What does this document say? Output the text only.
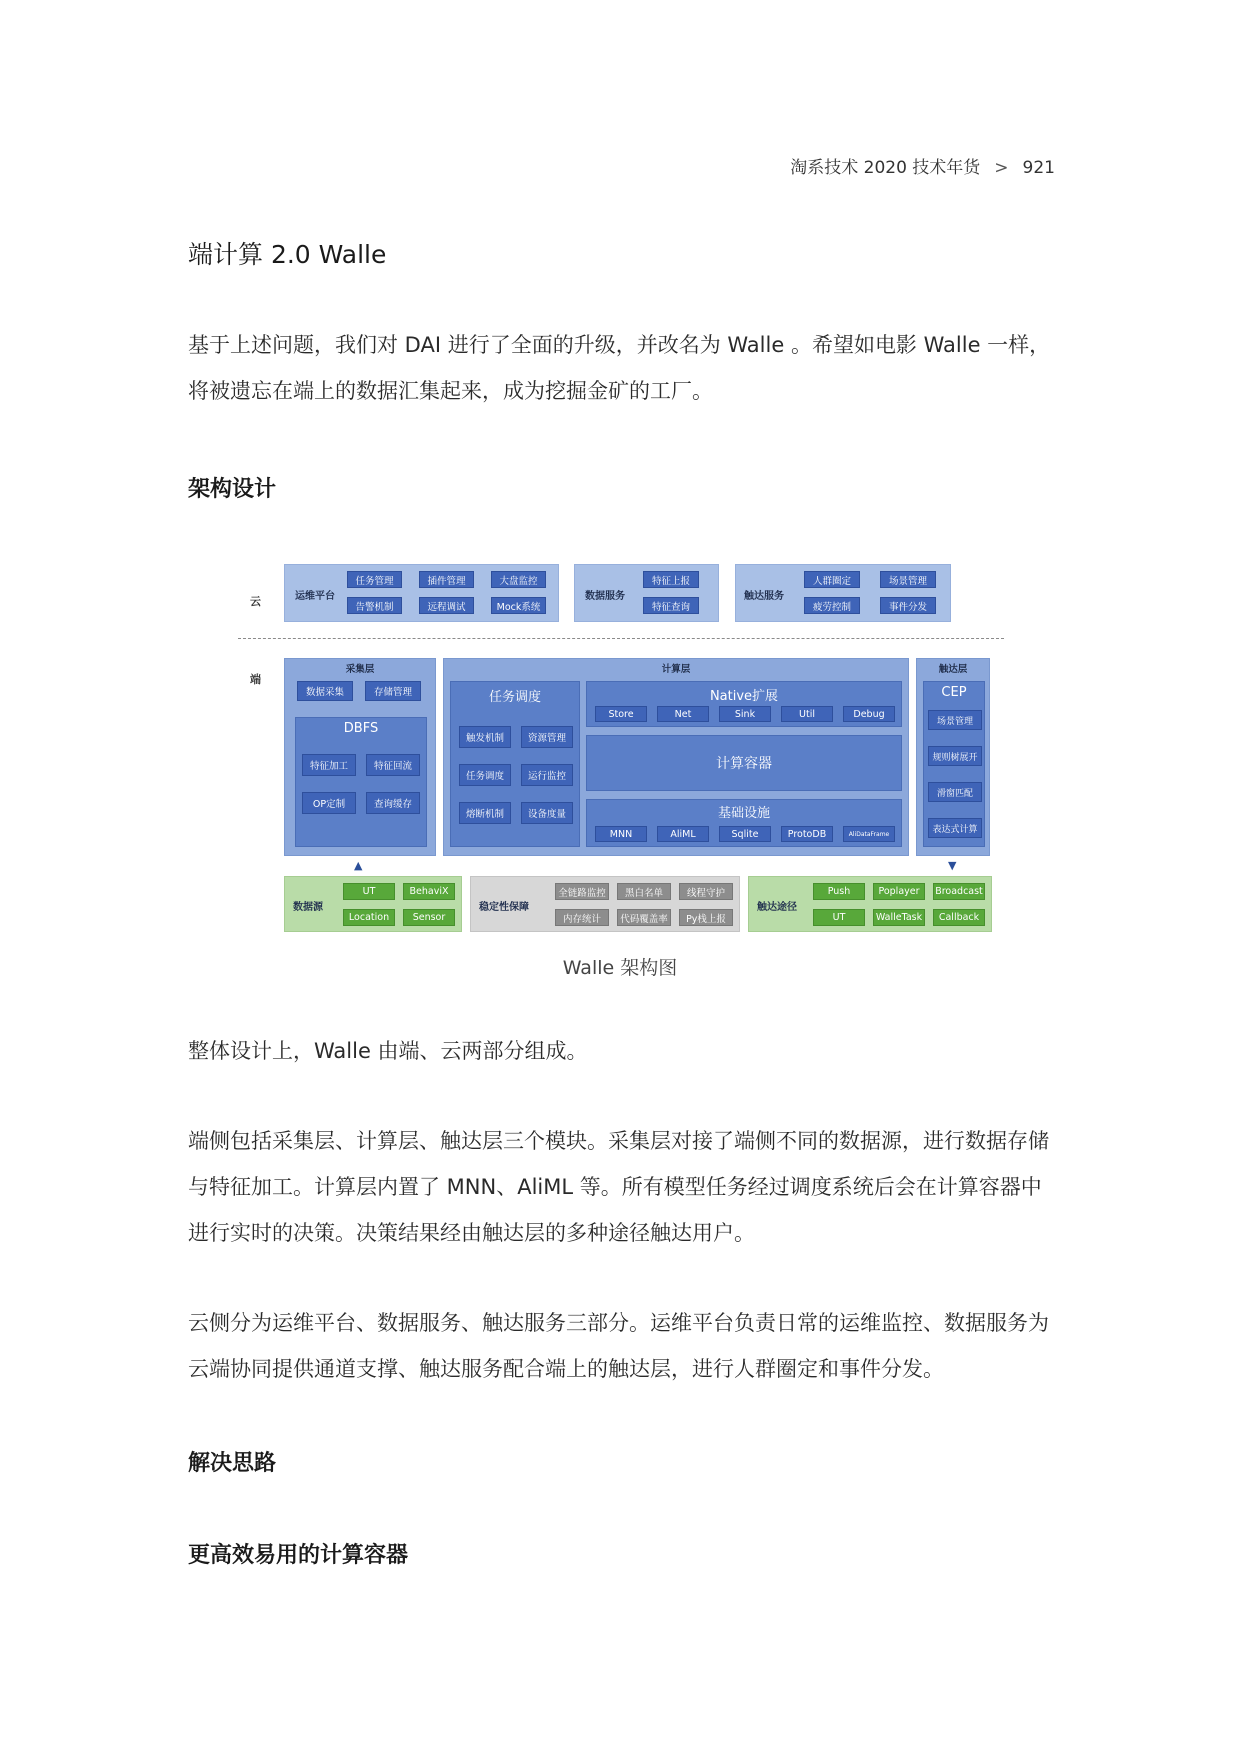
淘系技术 2020 技术年货 > 921
端计算 2.0 Walle
基于上述问题，我们对 DAI 进行了全面的升级，并改名为 Walle 。希望如电影 Walle 一样，将被遗忘在端上的数据汇集起来，成为挖掘金矿的工厂。
架构设计
云
端
运维平台
任务管理	插件管理	大盘监控
告警机制	远程调试	Mock系统
数据服务
特征上报
特征查询
触达服务
人群圈定	场景管理
疲劳控制	事件分发
采集层
数据采集	存储管理
DBFS
特征加工	特征回流
OP定制	查询缓存
计算层
任务调度
触发机制	资源管理
任务调度	运行监控
熔断机制	设备度量
Native扩展
Store	Net	Sink	Util	Debug
计算容器
基础设施
MNN	AliML	Sqlite	ProtoDB	AliDataFrame
触达层
CEP
场景管理
规则树展开
滑窗匹配
表达式计算
▲	▼
数据源
UT	BehaviX
Location	Sensor
稳定性保障
全链路监控	黑白名单	线程守护
内存统计	代码覆盖率	Py栈上报
触达途径
Push	Poplayer	Broadcast
UT	WalleTask	Callback
Walle 架构图
整体设计上，Walle 由端、云两部分组成。
端侧包括采集层、计算层、触达层三个模块。采集层对接了端侧不同的数据源，进行数据存储与特征加工。计算层内置了 MNN、AliML 等。所有模型任务经过调度系统后会在计算容器中进行实时的决策。决策结果经由触达层的多种途径触达用户。
云侧分为运维平台、数据服务、触达服务三部分。运维平台负责日常的运维监控、数据服务为云端协同提供通道支撑、触达服务配合端上的触达层，进行人群圈定和事件分发。
解决思路
更高效易用的计算容器
